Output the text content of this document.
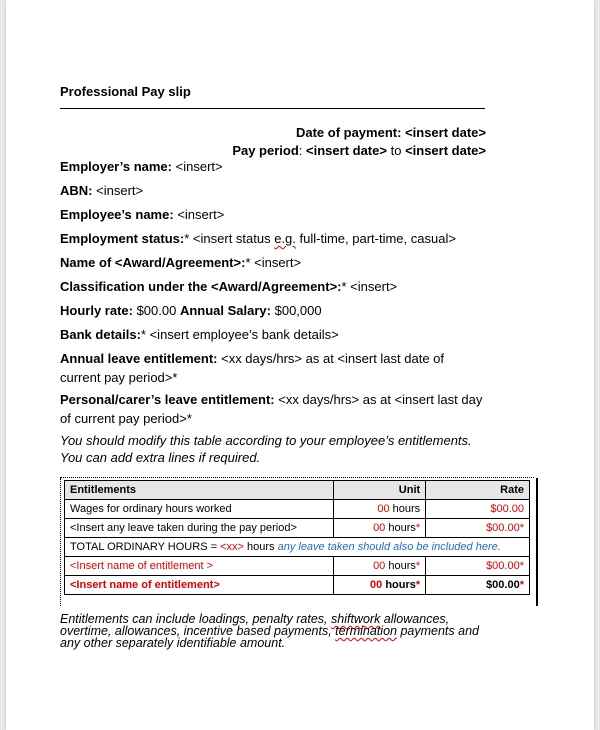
Professional Pay slip
Date of payment: <insert date>
Pay period: <insert date> to <insert date>
Employer’s name: <insert>
ABN: <insert>
Employee’s name: <insert>
Employment status:* <insert status e.g. full-time, part-time, casual>
Name of <Award/Agreement>:* <insert>
Classification under the <Award/Agreement>:* <insert>
Hourly rate: $00.00 Annual Salary: $00,000
Bank details:* <insert employee’s bank details>
Annual leave entitlement: <xx days/hrs> as at <insert last date of current pay period>*
Personal/carer’s leave entitlement: <xx days/hrs> as at <insert last day of current pay period>*
You should modify this table according to your employee’s entitlements. You can add extra lines if required.
Entitlements	Unit	Rate
Wages for ordinary hours worked	00 hours	$00.00
<Insert any leave taken during the pay period>	00 hours*	$00.00*
TOTAL ORDINARY HOURS = <xx> hours any leave taken should also be included here.		
<Insert name of entitlement >	00 hours*	$00.00*
<Insert name of entitlement>	00 hours*	$00.00*
Entitlements can include loadings, penalty rates, shiftwork allowances, overtime, allowances, incentive based payments, termination payments and any other separately identifiable amount.
